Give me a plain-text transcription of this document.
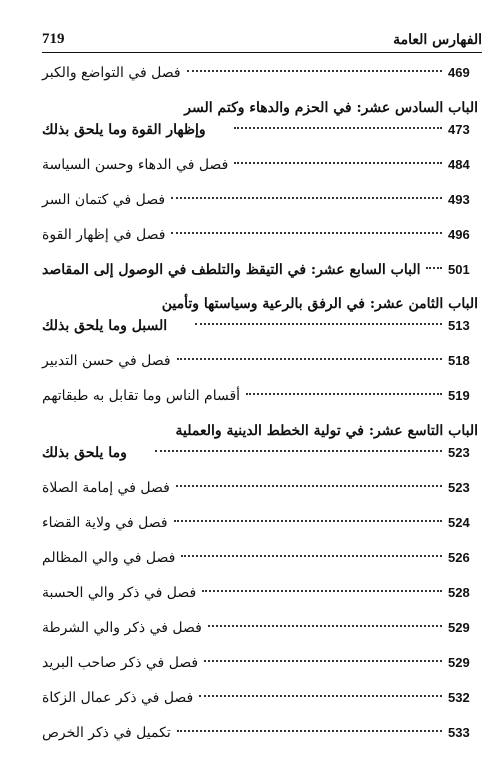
719	الفهارس العامة
فصل في التواضع والكبر	469
الباب السادس عشر: في الحزم والدهاء وكتم السر
وإظهار القوة وما يلحق بذلك	473
فصل في الدهاء وحسن السياسة	484
فصل في كتمان السر	493
فصل في إظهار القوة	496
الباب السابع عشر: في التيقظ والتلطف في الوصول إلى المقاصد 501
الباب الثامن عشر: في الرفق بالرعية وسياستها وتأمين
السبل وما يلحق بذلك	513
فصل في حسن التدبير	518
أقسام الناس وما تقابل به طبقاتهم	519
الباب التاسع عشر: في تولية الخطط الدينية والعملية
وما يلحق بذلك	523
فصل في إمامة الصلاة	523
فصل في ولاية القضاء	524
فصل في والي المظالم	526
فصل في ذكر والي الحسبة	528
فصل في ذكر والي الشرطة	529
فصل في ذكر صاحب البريد	529
فصل في ذكر عمال الزكاة	532
تكميل في ذكر الخرص	533
